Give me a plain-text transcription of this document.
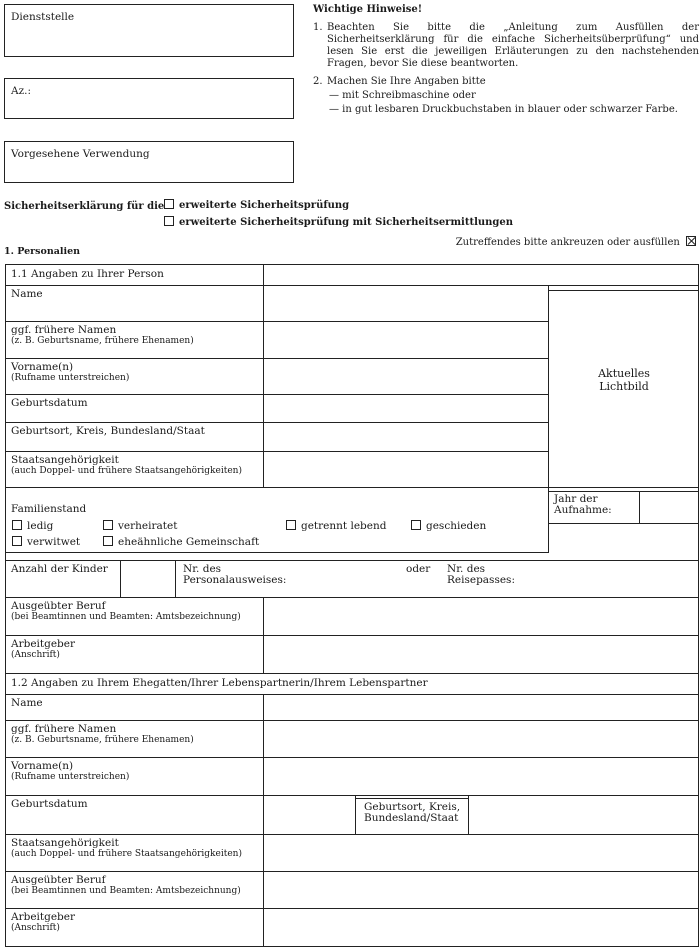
Dienststelle
Az.:
Vorgesehene Verwendung
Wichtige Hinweise!
1. Beachten Sie bitte die „Anleitung zum Ausfüllen der Sicherheitserklärung für die einfache Sicherheitsüberprüfung“ und lesen Sie erst die jeweiligen Erläuterungen zu den nachstehenden Fragen, bevor Sie diese beantworten.
2. Machen Sie Ihre Angaben bitte
— mit Schreibmaschine oder
— in gut lesbaren Druckbuchstaben in blauer oder schwarzer Farbe.
Sicherheitserklärung für die	erweiterte Sicherheitsprüfung
erweiterte Sicherheitsprüfung mit Sicherheitsermittlungen
Zutreffendes bitte ankreuzen oder ausfüllen
1. Personalien
1.1 Angaben zu Ihrer Person
Name
ggf. frühere Namen
(z. B. Geburtsname, frühere Ehenamen)
Vorname(n)
(Rufname unterstreichen)
Geburtsdatum
Geburtsort, Kreis, Bundesland/Staat
Staatsangehörigkeit
(auch Doppel- und frühere Staatsangehörigkeiten)
Aktuelles Lichtbild
Familienstand
ledig	verheiratet	getrennt lebend	geschieden
verwitwet	eheähnliche Gemeinschaft
Jahr der Aufnahme:
Anzahl der Kinder	Nr. des Personalausweises:
oder Nr. des Reisepasses:
Ausgeübter Beruf
(bei Beamtinnen und Beamten: Amtsbezeichnung)
Arbeitgeber
(Anschrift)
1.2 Angaben zu Ihrem Ehegatten/Ihrer Lebenspartnerin/Ihrem Lebenspartner
Name
ggf. frühere Namen
(z. B. Geburtsname, frühere Ehenamen)
Vorname(n)
(Rufname unterstreichen)
Geburtsdatum	Geburtsort, Kreis, Bundesland/Staat
Staatsangehörigkeit
(auch Doppel- und frühere Staatsangehörigkeiten)
Ausgeübter Beruf
(bei Beamtinnen und Beamten: Amtsbezeichnung)
Arbeitgeber
(Anschrift)
